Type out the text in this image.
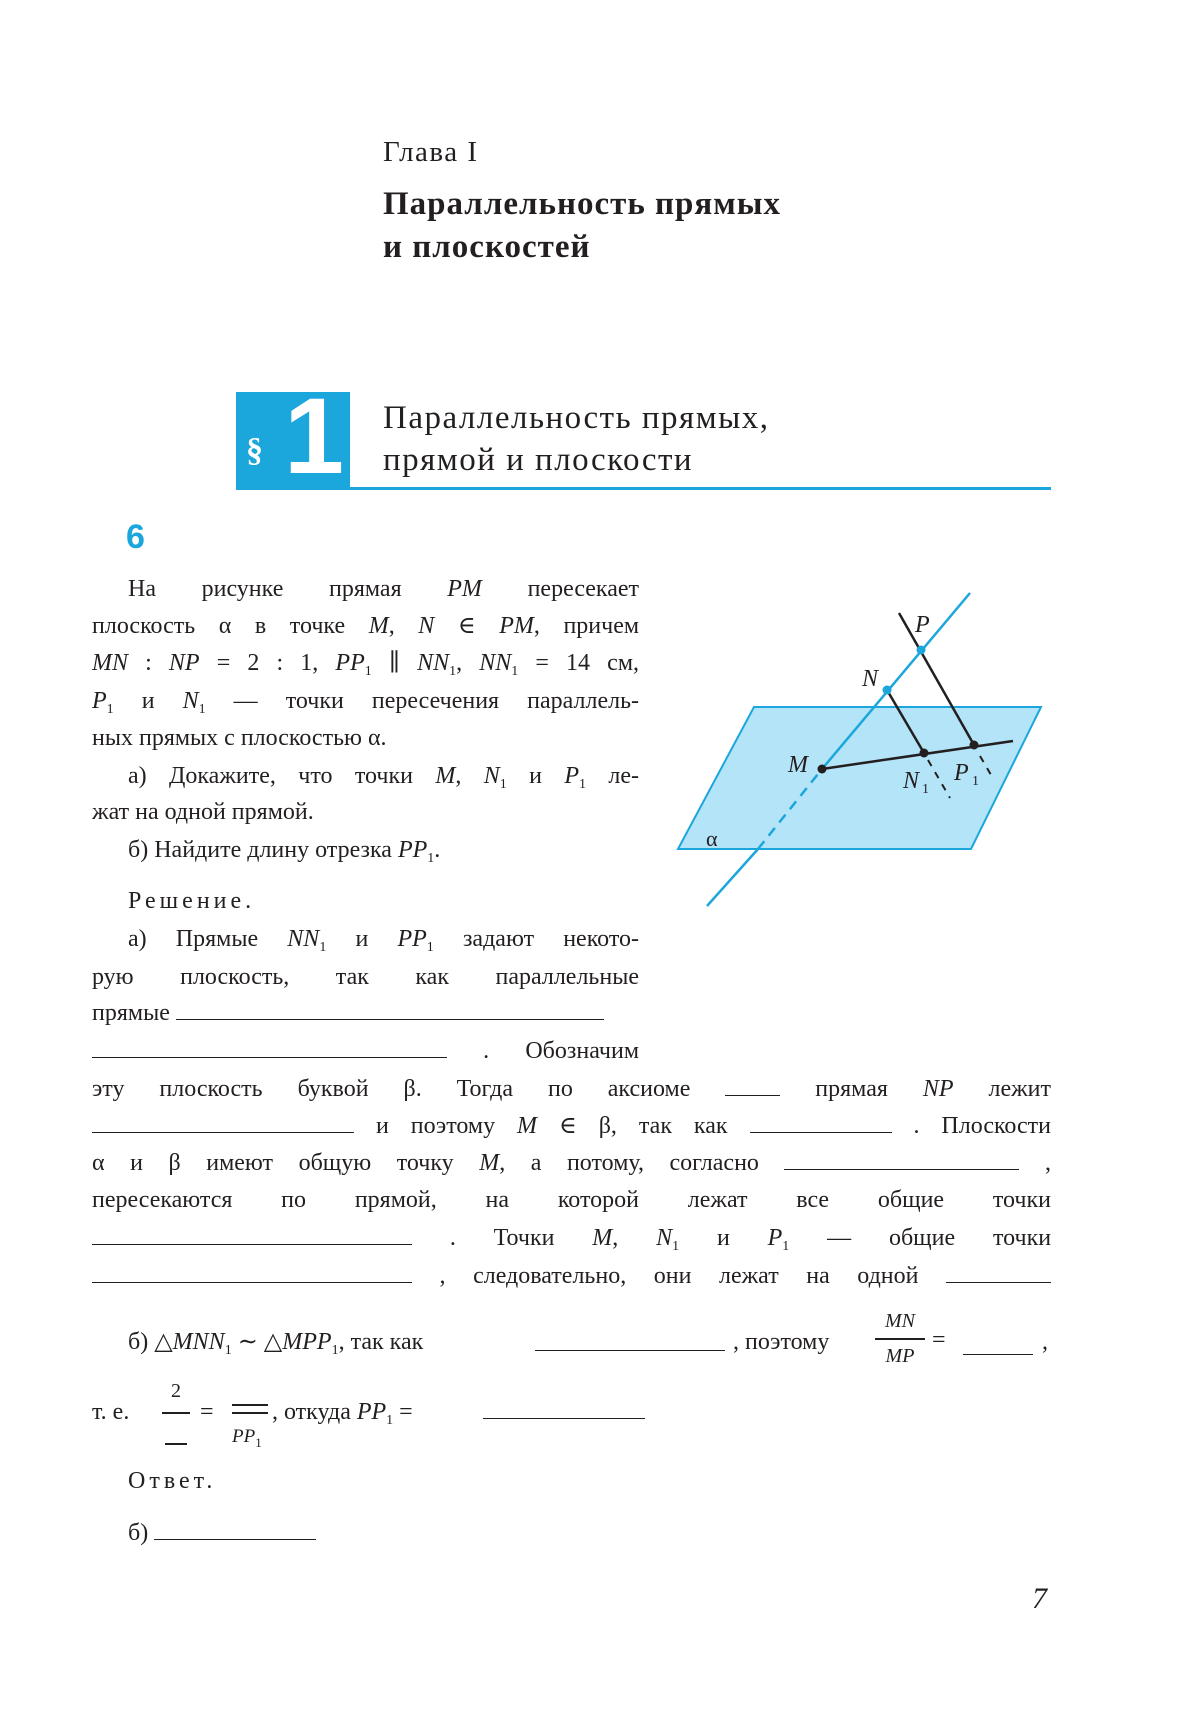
Глава I
Параллельность прямых
и плоскостей
§ 1 Параллельность прямых,
прямой и плоскости
6
На рисунке прямая PM пересекает
плоскость α в точке M, N ∈ PM, причем
MN : NP = 2 : 1, $PP_1$ ∥ $NN_1$, $NN_1 = 14$ см,
$P_1$ и $N_1$ — точки пересечения параллель-
ных прямых с плоскостью α.
а) Докажите, что точки M, $N_1$ и $P_1$ ле-
жат на одной прямой.
б) Найдите длину отрезка $PP_1$.
P
N
M
N 1
P 1
α
Решение.
а) Прямые $NN_1$ и $PP_1$ задают некото-
рую плоскость, так как параллельные
прямые
. Обозначим
эту плоскость буквой β. Тогда по аксиоме	прямая NP лежит
и поэтому M ∈ β, так как	. Плоскости
α и β имеют общую точку M, а потому, согласно	,
пересекаются по прямой, на которой лежат все общие точки
. Точки M, $N_1$ и $P_1$ — общие точки
, следовательно, они лежат на одной
б) $\triangle MNN_1$ ∼ $\triangle MPP_1$, так как	, поэтому
MN
MP
=	,
т. е.
2
=
$PP_1$
, откуда $PP_1$ =
Ответ.
б)
7
